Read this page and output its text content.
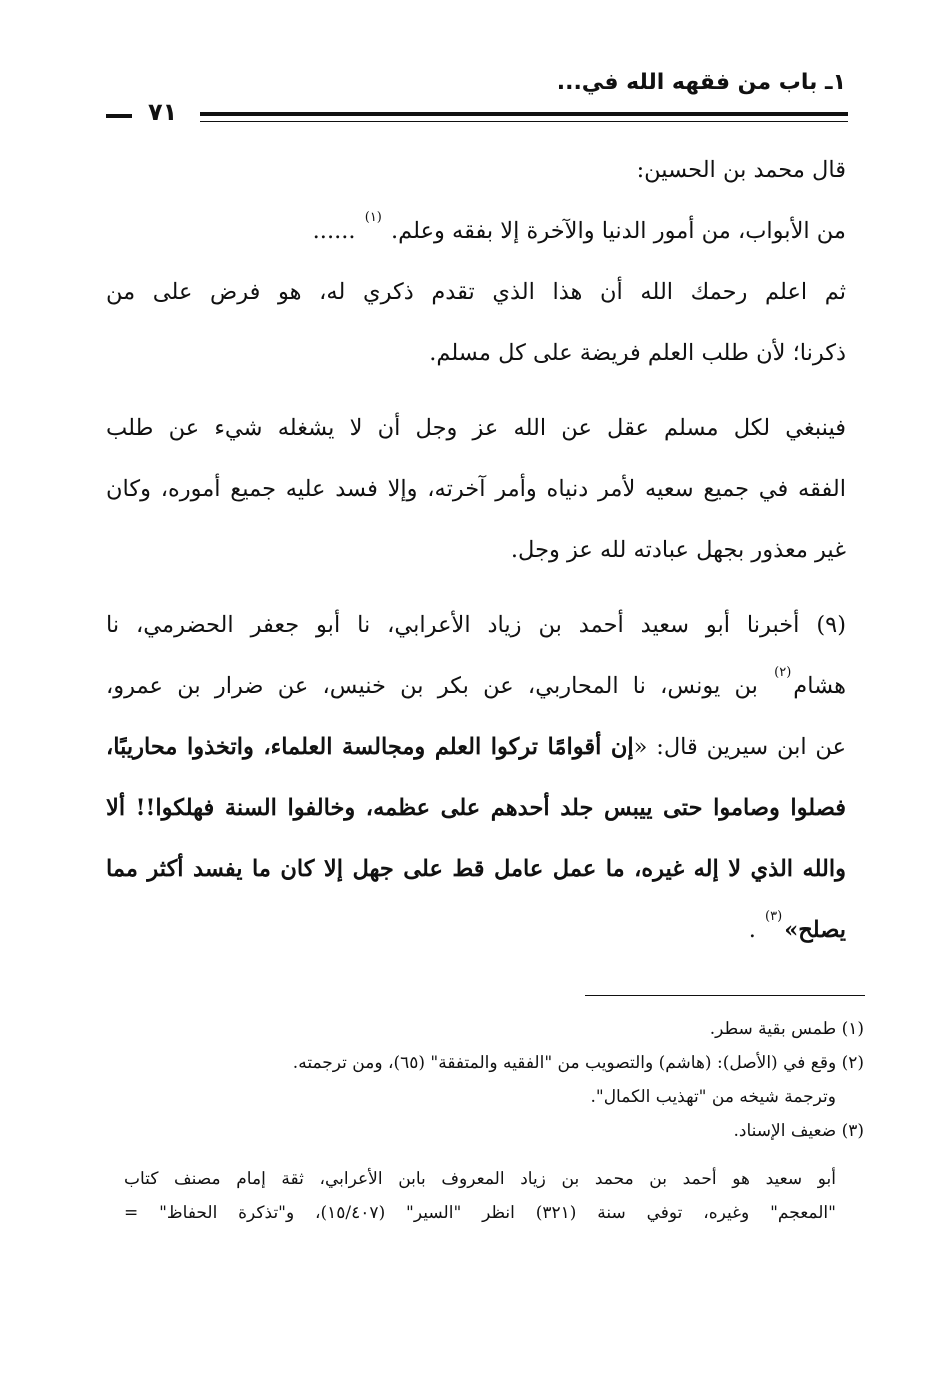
١ـ باب من فقهه الله في...
٧١
قال محمد بن الحسين:
من الأبواب، من أمور الدنيا والآخرة إلا بفقه وعلم. $^{(١)}$ ......
ثم اعلم رحمك الله أن هذا الذي تقدم ذكري له، هو فرض على من
ذكرنا؛ لأن طلب العلم فريضة على كل مسلم.
فينبغي لكل مسلم عقل عن الله عز وجل أن لا يشغله شيء عن طلب
الفقه في جميع سعيه لأمر دنياه وأمر آخرته، وإلا فسد عليه جميع أموره، وكان
غير معذور بجهل عبادته لله عز وجل.
(٩) أخبرنا أبو سعيد أحمد بن زياد الأعرابي، نا أبو جعفر الحضرمي، نا
هشام$^{(٢)}$ بن يونس، نا المحاربي، عن بكر بن خنيس، عن ضرار بن عمرو،
عن ابن سيرين قال: «إن أقوامًا تركوا العلم ومجالسة العلماء، واتخذوا محاريبًا،
فصلوا وصاموا حتى ييبس جلد أحدهم على عظمه، وخالفوا السنة فهلكوا!! ألا
والله الذي لا إله غيره، ما عمل عامل قط على جهل إلا كان ما يفسد أكثر مما
يصلح»$^{(٣)}$ .
(١) طمس بقية سطر.
(٢) وقع في (الأصل): (هاشم) والتصويب من "الفقيه والمتفقة" (٦٥)، ومن ترجمته.
وترجمة شيخه من "تهذيب الكمال".
(٣) ضعيف الإسناد.
أبو سعيد هو أحمد بن محمد بن زياد المعروف بابن الأعرابي، ثقة إمام مصنف كتاب
"المعجم" وغيره، توفي سنة (٣٢١) انظر "السير" (١٥/٤٠٧)، و"تذكرة الحفاظ" =
